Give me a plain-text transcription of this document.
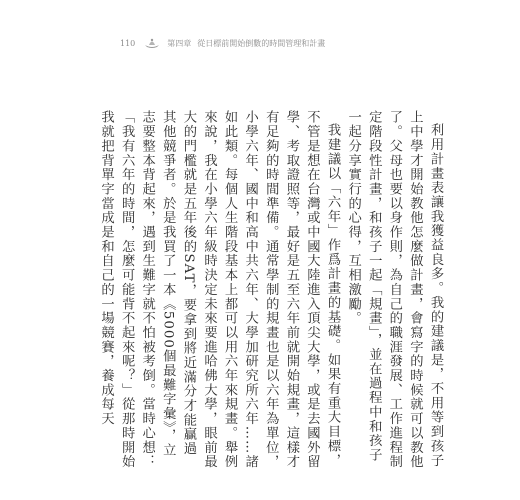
110	第四章 從日標前開始倒數的時間管理和計畫

利用計畫表讓我獲益良多。我的建議是，不用等到孩子上中學才開始教他怎麼做計畫，會寫字的時候就可以教他了。父母也要以身作則，為自己的職涯發展、工作進程制定階段性計畫，和孩子一起「規畫」，並在過程中和孩子一起分享實行的心得，互相激勵。

我建議以「六年」作爲計畫的基礎。如果有重大目標，不管是想在台灣或中國大陸進入頂尖大學，或是去國外留學、考取證照等，最好是五至六年前就開始規畫，這樣才有足夠的時間準備。通常學制的規畫也是以六年為單位，小學六年、國中和高中共六年、大學加研究所六年……諸如此類。每個人生階段基本上都可以用六年來規畫。舉例來說，我在小學六年級時決定未來要進哈佛大學，眼前最大的門檻就是五年後的SAT，要拿到將近滿分才能贏過其他競爭者。於是我買了一本《5000個最難字彙》，立志要整本背起來，遇到生難字就不怕被考倒。當時心想：「我有六年的時間，怎麼可能背不起來呢？」從那時開始我就把背單字當成是和自己的一場競賽，養成每天
